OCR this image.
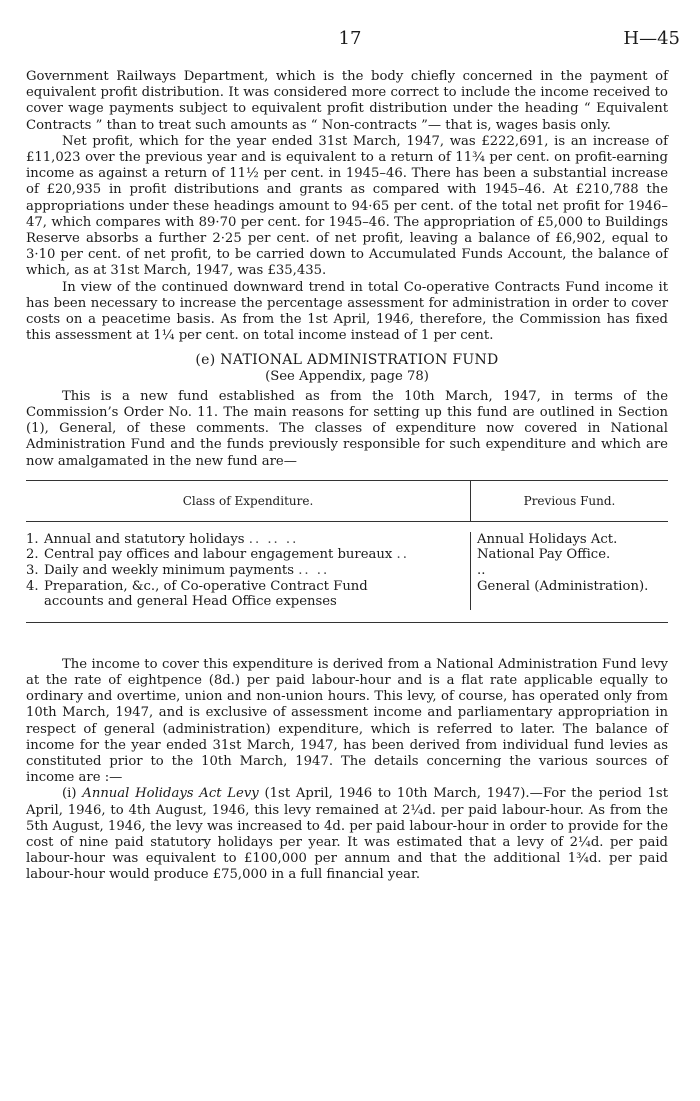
17	H—45

Government Railways Department, which is the body chiefly concerned in the payment of equivalent profit distribution. It was considered more correct to include the income received to cover wage payments subject to equivalent profit distribution under the heading “ Equivalent Contracts ” than to treat such amounts as “ Non-contracts ”— that is, wages basis only.

Net profit, which for the year ended 31st March, 1947, was £222,691, is an increase of £11,023 over the previous year and is equivalent to a return of 11¾ per cent. on profit-earning income as against a return of 11½ per cent. in 1945–46. There has been a substantial increase of £20,935 in profit distributions and grants as compared with 1945–46. At £210,788 the appropriations under these headings amount to 94·65 per cent. of the total net profit for 1946–47, which compares with 89·70 per cent. for 1945–46. The appropriation of £5,000 to Buildings Reserve absorbs a further 2·25 per cent. of net profit, leaving a balance of £6,902, equal to 3·10 per cent. of net profit, to be carried down to Accumulated Funds Account, the balance of which, as at 31st March, 1947, was £35,435.

In view of the continued downward trend in total Co-operative Contracts Fund income it has been necessary to increase the percentage assessment for administration in order to cover costs on a peacetime basis. As from the 1st April, 1946, therefore, the Commission has fixed this assessment at 1¼ per cent. on total income instead of 1 per cent.

(e) NATIONAL ADMINISTRATION FUND
(See Appendix, page 78)

This is a new fund established as from the 10th March, 1947, in terms of the Commission’s Order No. 11. The main reasons for setting up this fund are outlined in Section (1), General, of these comments. The classes of expenditure now covered in National Administration Fund and the funds previously responsible for such expenditure and which are now amalgamated in the new fund are—

Class of Expenditure.	Previous Fund.
1. Annual and statutory holidays .. .. ..	Annual Holidays Act.
2. Central pay offices and labour engagement bureaux ..	National Pay Office.
3. Daily and weekly minimum payments .. ..	..
4. Preparation, &c., of Co-operative Contract Fund	General (Administration).
accounts and general Head Office expenses

The income to cover this expenditure is derived from a National Administration Fund levy at the rate of eightpence (8d.) per paid labour-hour and is a flat rate applicable equally to ordinary and overtime, union and non-union hours. This levy, of course, has operated only from 10th March, 1947, and is exclusive of assessment income and parliamentary appropriation in respect of general (administration) expenditure, which is referred to later. The balance of income for the year ended 31st March, 1947, has been derived from individual fund levies as constituted prior to the 10th March, 1947. The details concerning the various sources of income are :—

(i) Annual Holidays Act Levy (1st April, 1946 to 10th March, 1947).—For the period 1st April, 1946, to 4th August, 1946, this levy remained at 2¼d. per paid labour-hour. As from the 5th August, 1946, the levy was increased to 4d. per paid labour-hour in order to provide for the cost of nine paid statutory holidays per year. It was estimated that a levy of 2¼d. per paid labour-hour was equivalent to £100,000 per annum and that the additional 1¾d. per paid labour-hour would produce £75,000 in a full financial year.
